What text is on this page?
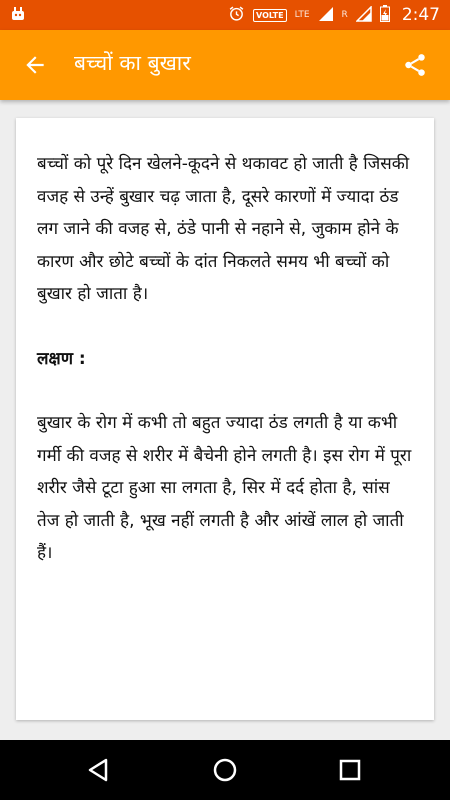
VOLTE	LTE	R	2:47
बच्चों का बुखार

बच्चों को पूरे दिन खेलने-कूदने से थकावट हो जाती है जिसकी वजह से उन्हें बुखार चढ़ जाता है, दूसरे कारणों में ज्यादा ठंड लग जाने की वजह से, ठंडे पानी से नहाने से, जुकाम होने के कारण और छोटे बच्चों के दांत निकलते समय भी बच्चों को बुखार हो जाता है।

लक्षण :

बुखार के रोग में कभी तो बहुत ज्यादा ठंड लगती है या कभी गर्मी की वजह से शरीर में बैचेनी होने लगती है। इस रोग में पूरा शरीर जैसे टूटा हुआ सा लगता है, सिर में दर्द होता है, सांस तेज हो जाती है, भूख नहीं लगती है और आंखें लाल हो जाती हैं।
